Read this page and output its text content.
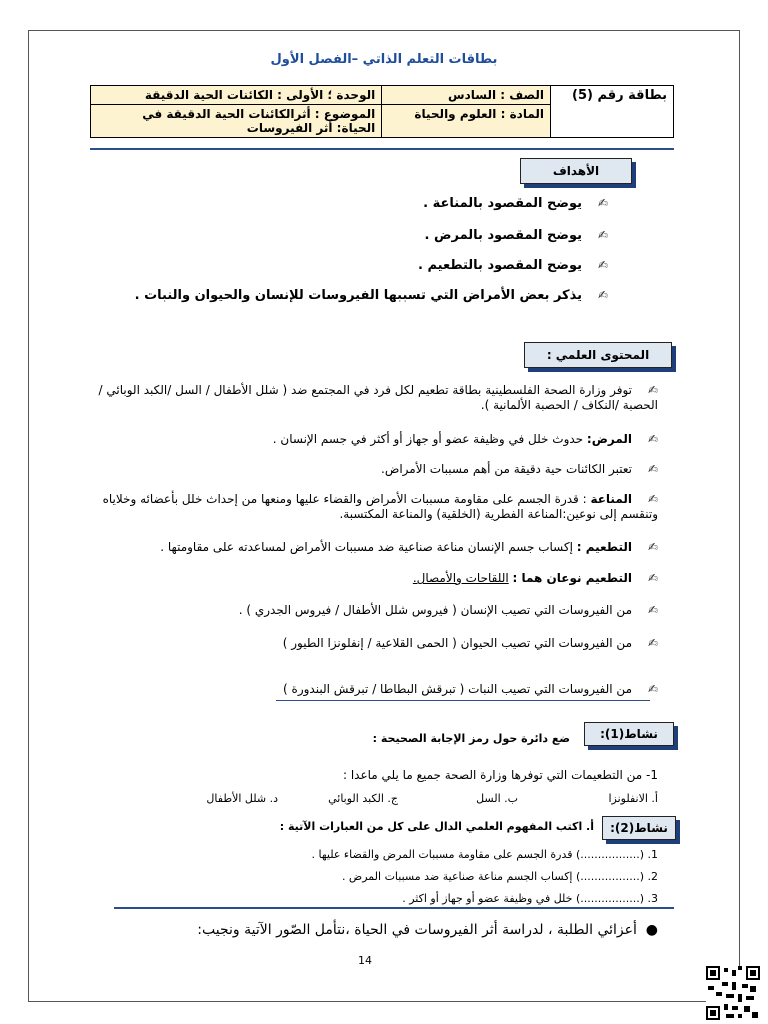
بطاقات التعلم الذاتي –الفصل الأول
بطاقة رقم (5)	الصف : السادس	الوحدة ؛ الأولى : الكائنات الحية الدقيقة
	المادة : العلوم والحياة	الموضوع : أثرالكائنات الحية الدقيقة في
الحياة: أثر الفيروسات
الأهداف
✍يوضح المقصود بالمناعة .
✍يوضح المقصود بالمرض .
✍يوضح المقصود بالتطعيم .
✍يذكر بعض الأمراض التي تسببها الفيروسات للإنسان والحيوان والنبات .
المحتوى العلمي :
✍توفر وزارة الصحة الفلسطينية بطاقة تطعيم لكل فرد في المجتمع ضد ( شلل الأطفال / السل /الكبد الوبائي /
الحصبة /النكاف / الحصبة الألمانية ).
✍المرض: حدوث خلل في وظيفة عضو أو جهاز أو أكثر في جسم الإنسان .
✍تعتبر الكائنات حية دقيقة من أهم مسببات الأمراض.
✍المناعة : قدرة الجسم على مقاومة مسببات الأمراض والقضاء عليها ومنعها من إحداث خلل بأعضائه وخلاياه
وتنقسم إلى نوعين:المناعة الفطرية (الخلقية) والمناعة المكتسبة.
✍التطعيم : إكساب جسم الإنسان مناعة صناعية ضد مسببات الأمراض لمساعدته على مقاومتها .
✍التطعيم نوعان هما : اللقاحات والأمصال.
✍من الفيروسات التي تصيب الإنسان ( فيروس شلل الأطفال / فيروس الجدري ) .
✍من الفيروسات التي تصيب الحيوان ( الحمى القلاعية / إنفلونزا الطيور )
✍من الفيروسات التي تصيب النبات ( تبرقش البطاطا / تبرقش البندورة )
نشاط(1):
ضع دائرة حول رمز الإجابة الصحيحة :
1- من التطعيمات التي توفرها وزارة الصحة جميع ما يلي ماعدا :
أ. الانفلونزا
ب. السل
ج. الكبد الوبائي
د. شلل الأطفال
نشاط(2):
أ. اكتب المفهوم العلمي الدال على كل من العبارات الآتية :
1. (.................) قدرة الجسم على مقاومة مسببات المرض والقضاء عليها .
2. (.................) إكساب الجسم مناعة صناعية ضد مسببات المرض .
3. (.................) خلل في وظيفة عضو أو جهاز أو اكثر .
●  أعزائي الطلبة ، لدراسة أثر الفيروسات في الحياة ،نتأمل الصّور الآتية ونجيب:
14
